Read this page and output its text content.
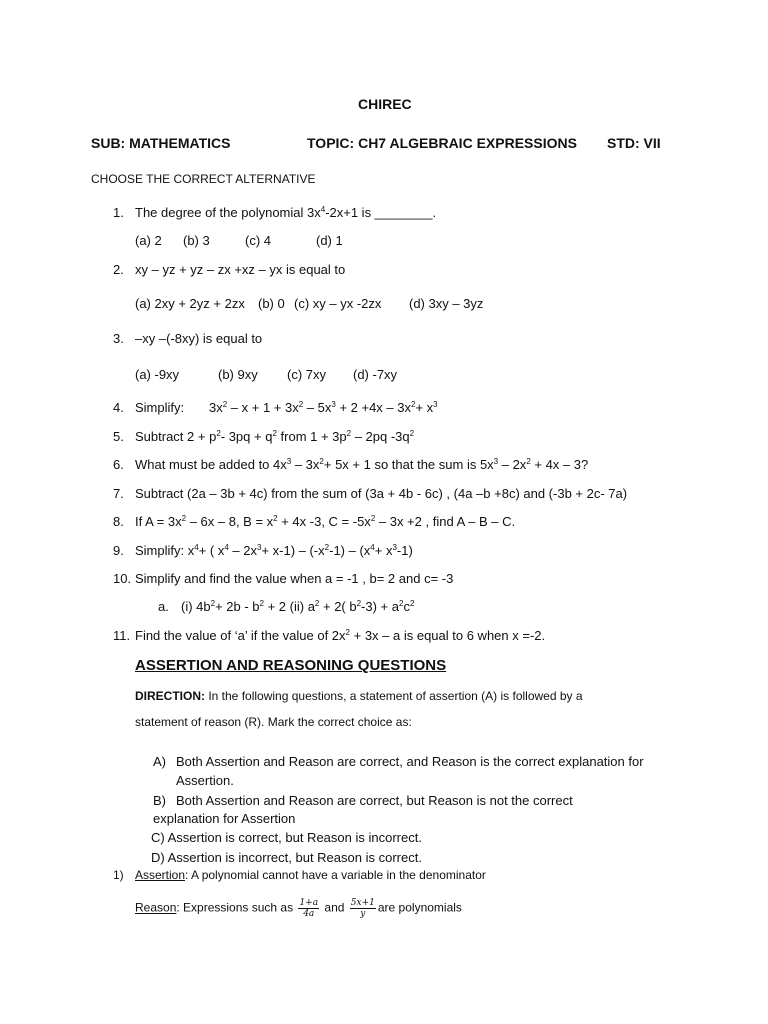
CHIREC
SUB: MATHEMATICS	TOPIC: CH7 ALGEBRAIC EXPRESSIONS STD: VII
CHOOSE THE CORRECT ALTERNATIVE
1. The degree of the polynomial $3x^4-2x+1$ is ________.
(a) 2 (b) 3	(c) 4	(d) 1
2. xy – yz + yz – zx +xz – yx is equal to
(a) 2xy + 2yz + 2zx (b) 0 (c) xy – yx -2zx (d) 3xy – 3yz
3. –xy –(-8xy) is equal to
(a) -9xy	(b) 9xy (c) 7xy (d) -7xy
4. Simplify: $3x^2 - x + 1 + 3x^2 - 5x^3 + 2 +4x - 3x^2+ x^3$
5. Subtract $2 + p^2-$ $3pq + q^2$ from $1 + 3p^2 - 2pq$ $-3q^2$
6. What must be added to $4x^3 - 3x^2+ 5x + 1$ so that the sum is $5x^3 - 2x^2 + 4x - 3$?
7. Subtract (2a – 3b + 4c) from the sum of (3a + 4b - 6c) , (4a –b +8c) and (-3b + 2c- 7a)
8. If $A = 3x^2 - 6x - 8$, $B = x^2 + 4x$ -3, $C = -5x^2 - 3x +2$ , find A – B – C.
9. Simplify: $x^4+$ ( $x^4 - 2x^3+ x-1) - (-x^2-1) - (x^4+ x^3-1)$
10. Simplify and find the value when a = -1 , b= 2 and c= -3
a. (i) $4b^2+ 2b - b^2 + 2$ (ii) $a^2 + 2$( $b^2-3) + a^2c^2$
11. Find the value of ‘a’ if the value of $2x^2 + 3x - a$ is equal to 6 when x =-2.
ASSERTION AND REASONING QUESTIONS
DIRECTION: In the following questions, a statement of assertion (A) is followed by a
statement of reason (R). Mark the correct choice as:
A) Both Assertion and Reason are correct, and Reason is the correct explanation for
Assertion.
B) Both Assertion and Reason are correct, but Reason is not the correct
explanation for Assertion
C) Assertion is correct, but Reason is incorrect.
D) Assertion is incorrect, but Reason is correct.
1) Assertion: A polynomial cannot have a variable in the denominator
Reason: Expressions such as $\frac{1+a}{4a}$ and $\frac{5x+1}{y}$ are polynomials
